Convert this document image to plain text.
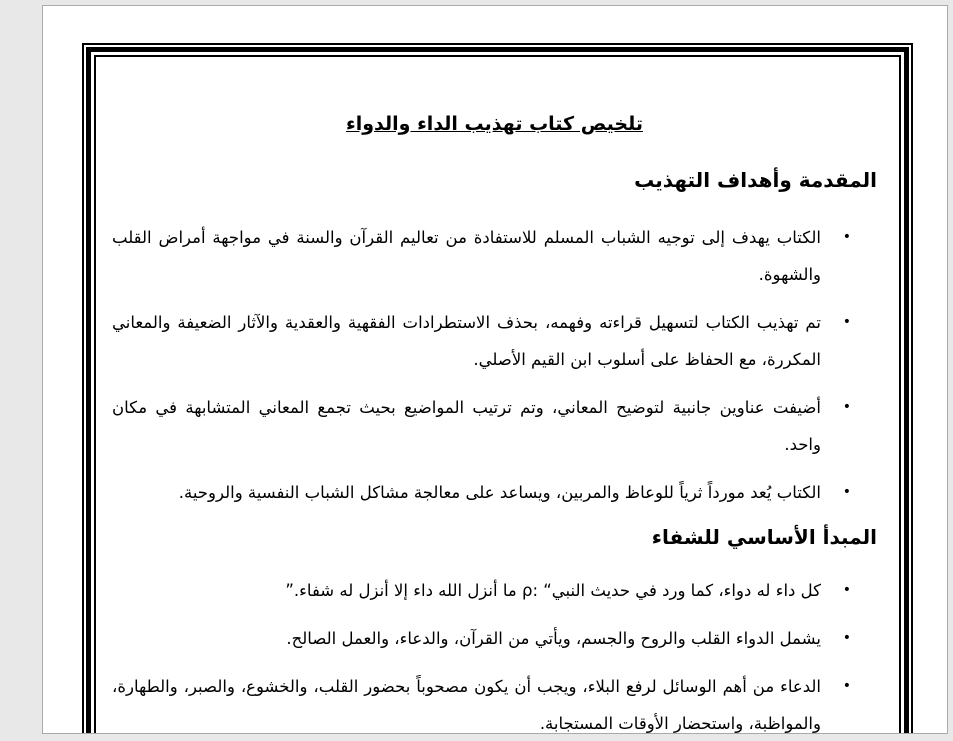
تلخيص كتاب تهذيب الداء والدواء
المقدمة وأهداف التهذيب
•
الكتاب يهدف إلى توجيه الشباب المسلم للاستفادة من تعاليم القرآن والسنة في مواجهة أمراض القلب والشهوة.
•
تم تهذيب الكتاب لتسهيل قراءته وفهمه، بحذف الاستطرادات الفقهية والعقدية والآثار الضعيفة والمعاني المكررة، مع الحفاظ على أسلوب ابن القيم الأصلي.
•
أضيفت عناوين جانبية لتوضيح المعاني، وتم ترتيب المواضيع بحيث تجمع المعاني المتشابهة في مكان واحد.
•
الكتاب يُعد مورداً ثرياً للوعاظ والمربين، ويساعد على معالجة مشاكل الشباب النفسية والروحية.
المبدأ الأساسي للشفاء
•
كل داء له دواء، كما ورد في حديث النبي“ :ρ ما أنزل الله داء إلا أنزل له شفاء.”
•
يشمل الدواء القلب والروح والجسم، ويأتي من القرآن، والدعاء، والعمل الصالح.
•
الدعاء من أهم الوسائل لرفع البلاء، ويجب أن يكون مصحوباً بحضور القلب، والخشوع، والصبر، والطهارة، والمواظبة، واستحضار الأوقات المستجابة.
